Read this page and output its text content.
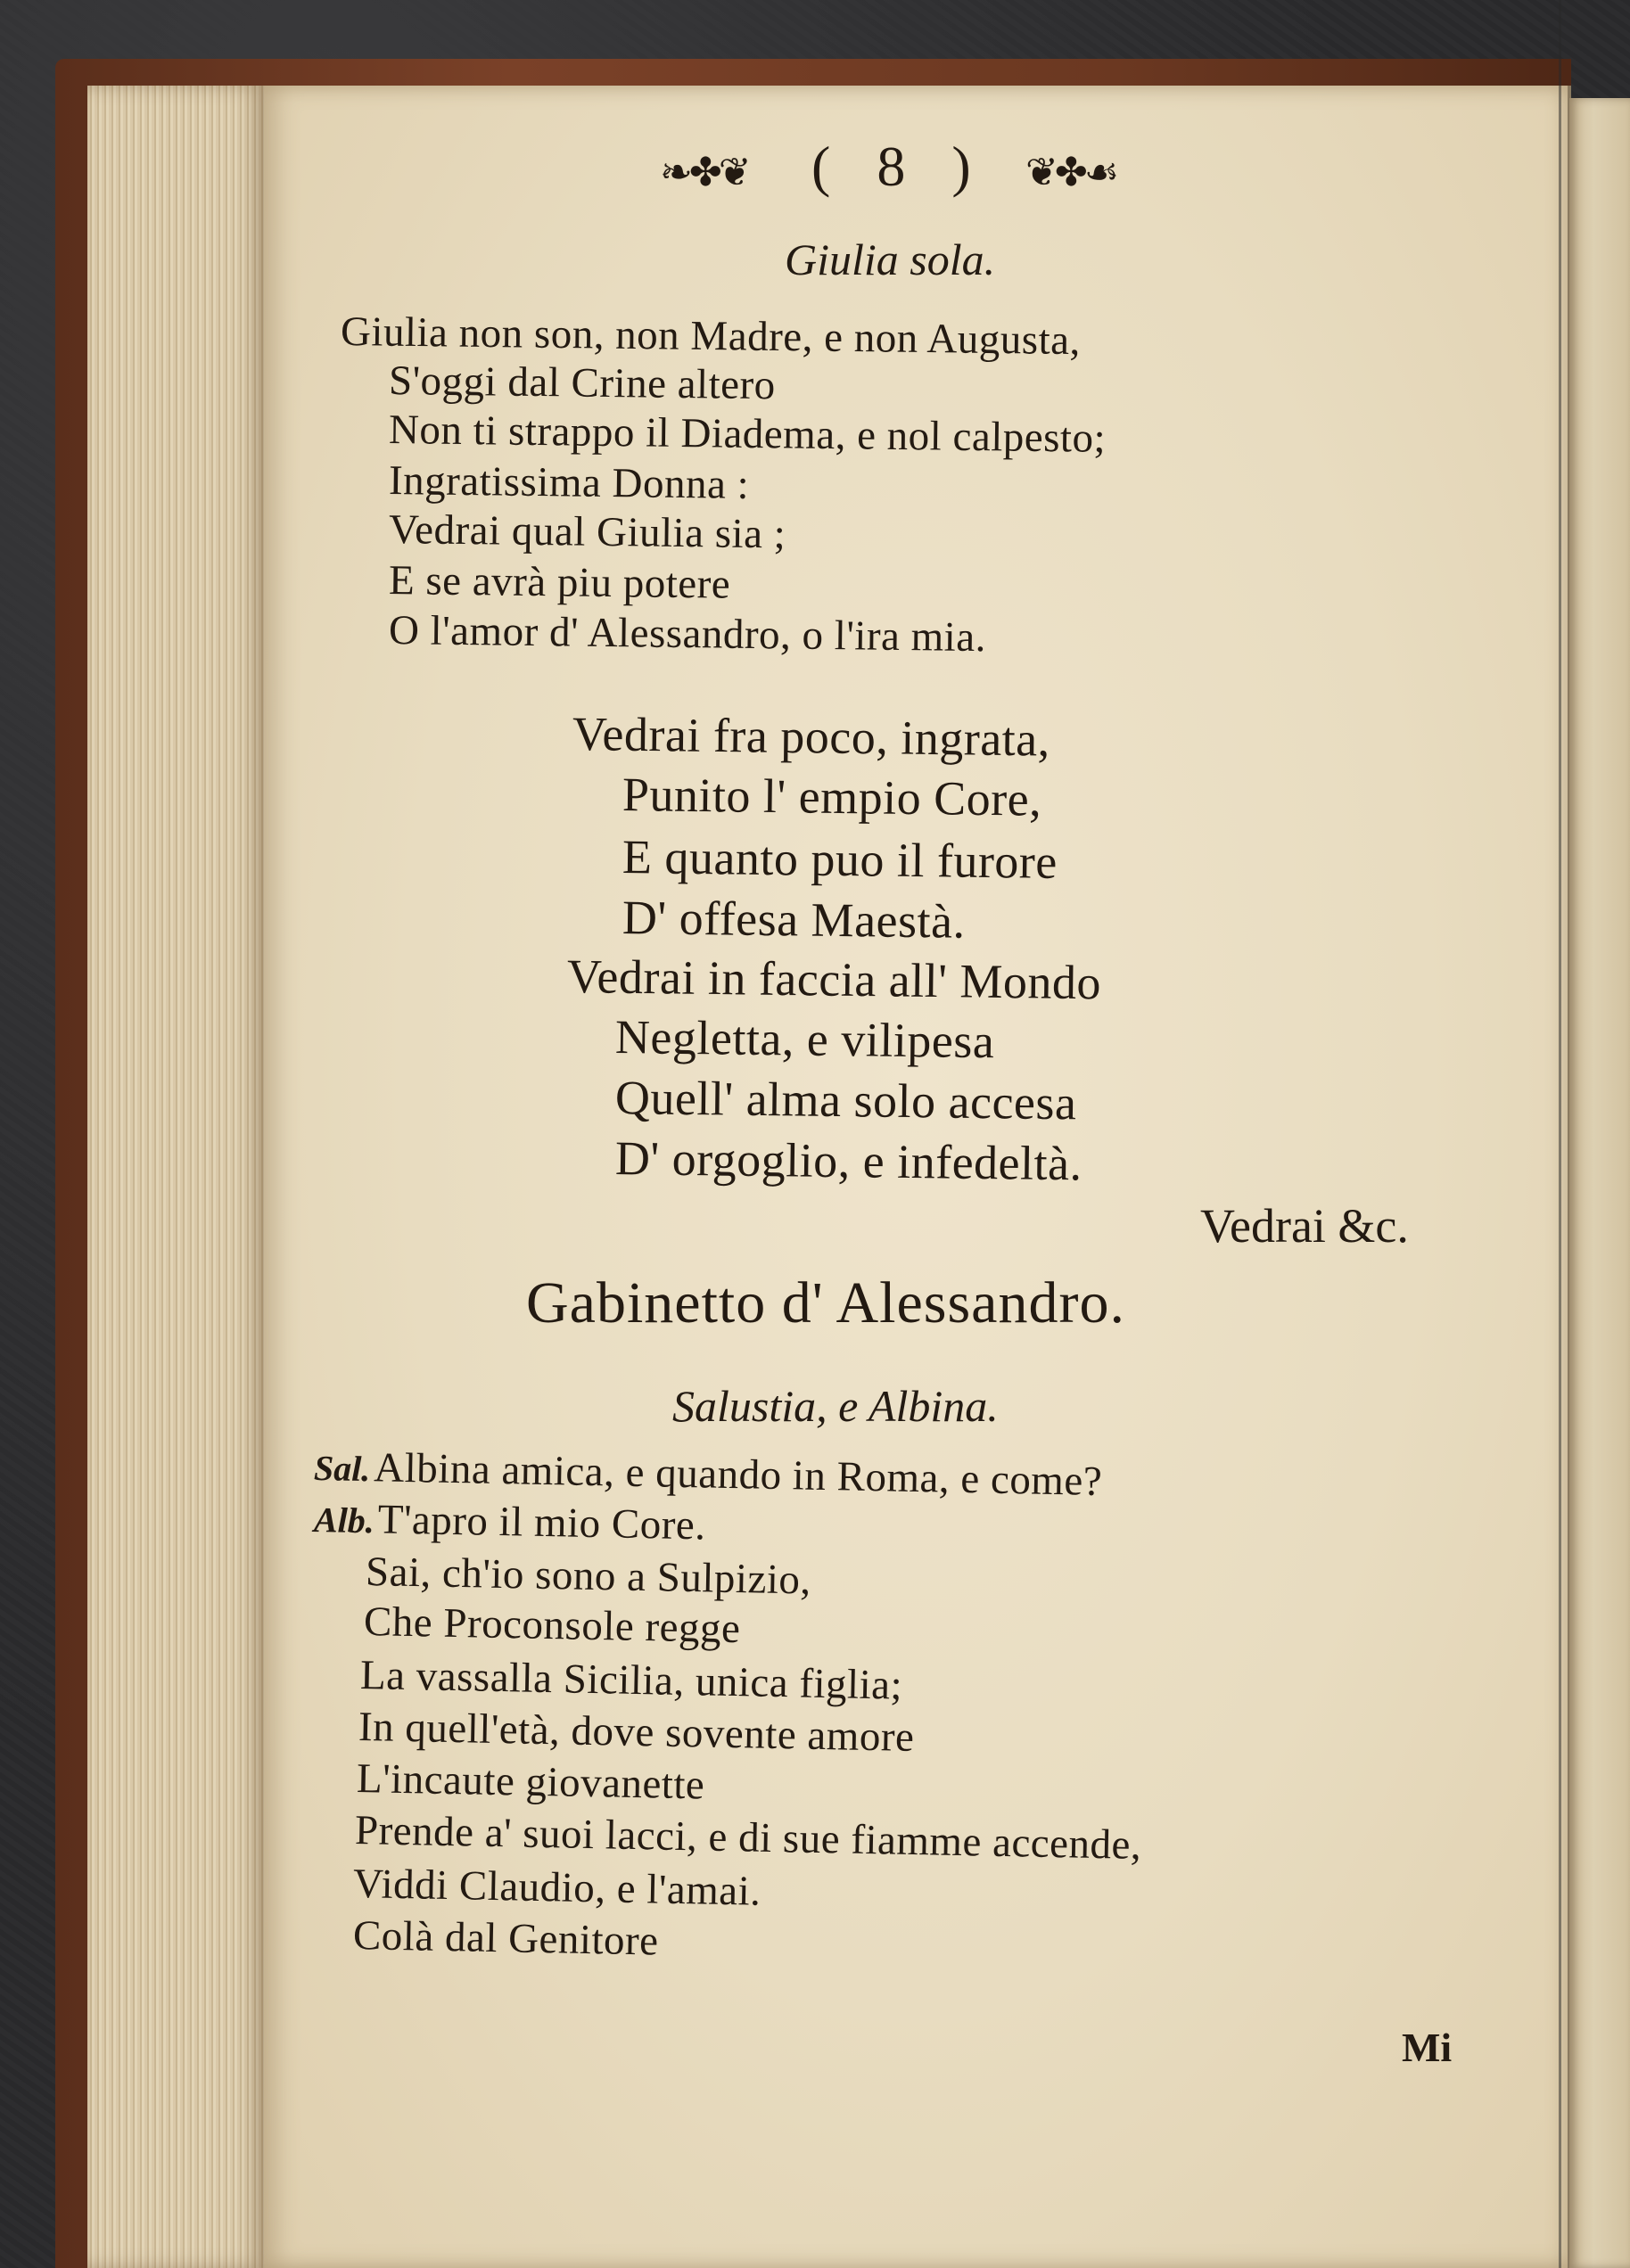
❧✤❦ ( 8 ) ❦✤☙
Giulia sola.
Giulia non son, non Madre, e non Augusta,
S'oggi dal Crine altero
Non ti strappo il Diadema, e nol calpesto;
Ingratissima Donna :
Vedrai qual Giulia sia ;
E se avrà piu potere
O l'amor d' Alessandro, o l'ira mia.
Vedrai fra poco, ingrata,
Punito l' empio Core,
E quanto puo il furore
D' offesa Maestà.
Vedrai in faccia all' Mondo
Negletta, e vilipesa
Quell' alma solo accesa
D' orgoglio, e infedeltà.
Vedrai &c.
Gabinetto d' Alessandro.
Salustia, e Albina.
Sal. Albina amica, e quando in Roma, e come?
Alb. T'apro il mio Core.
Sai, ch'io sono a Sulpizio,
Che Proconsole regge
La vassalla Sicilia, unica figlia;
In quell'età, dove sovente amore
L'incaute giovanette
Prende a' suoi lacci, e di sue fiamme accende,
Viddi Claudio, e l'amai.
Colà dal Genitore
Mi
